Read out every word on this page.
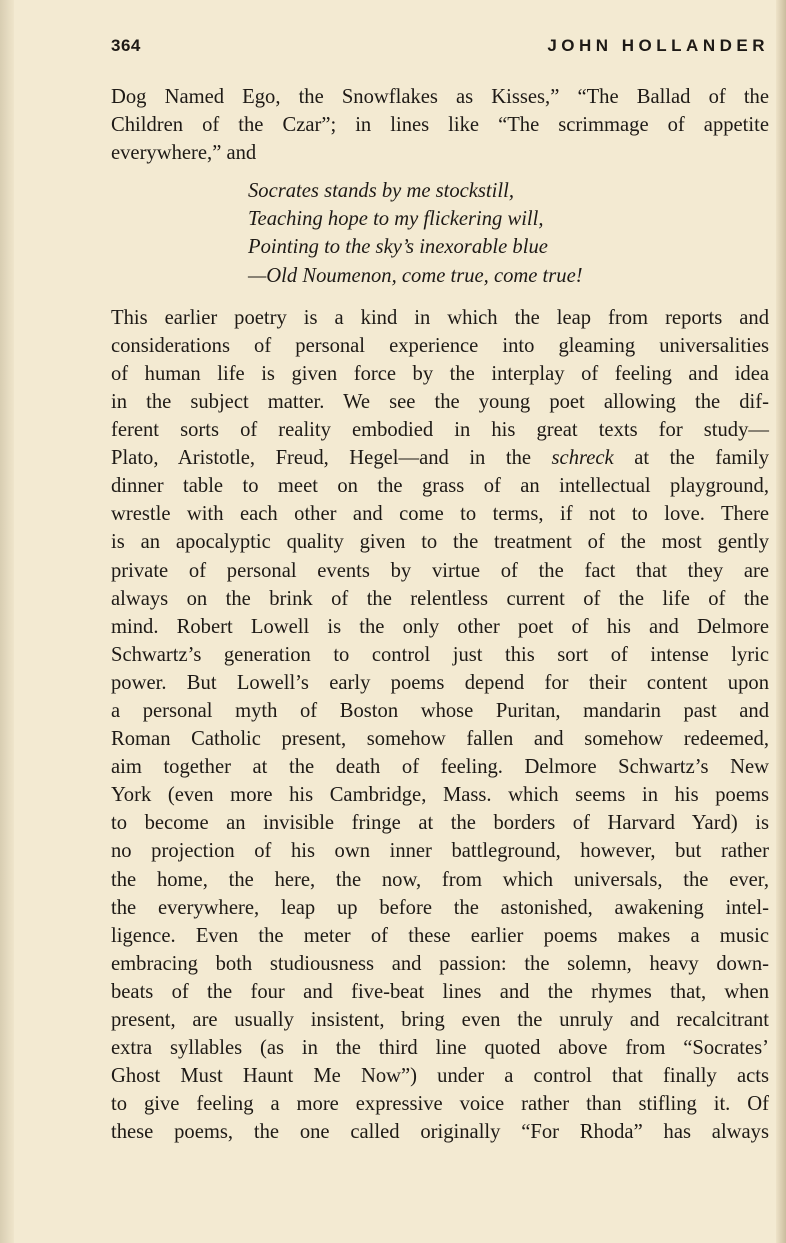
364	JOHN HOLLANDER
Dog Named Ego, the Snowflakes as Kisses,” “The Ballad of the
Children of the Czar”; in lines like “The scrimmage of appetite
everywhere,” and
Socrates stands by me stockstill,
Teaching hope to my flickering will,
Pointing to the sky’s inexorable blue
—Old Noumenon, come true, come true!
This earlier poetry is a kind in which the leap from reports and
considerations of personal experience into gleaming universalities
of human life is given force by the interplay of feeling and idea
in the subject matter. We see the young poet allowing the dif-
ferent sorts of reality embodied in his great texts for study—
Plato, Aristotle, Freud, Hegel—and in the schreck at the family
dinner table to meet on the grass of an intellectual playground,
wrestle with each other and come to terms, if not to love. There
is an apocalyptic quality given to the treatment of the most gently
private of personal events by virtue of the fact that they are
always on the brink of the relentless current of the life of the
mind. Robert Lowell is the only other poet of his and Delmore
Schwartz’s generation to control just this sort of intense lyric
power. But Lowell’s early poems depend for their content upon
a personal myth of Boston whose Puritan, mandarin past and
Roman Catholic present, somehow fallen and somehow redeemed,
aim together at the death of feeling. Delmore Schwartz’s New
York (even more his Cambridge, Mass. which seems in his poems
to become an invisible fringe at the borders of Harvard Yard) is
no projection of his own inner battleground, however, but rather
the home, the here, the now, from which universals, the ever,
the everywhere, leap up before the astonished, awakening intel-
ligence. Even the meter of these earlier poems makes a music
embracing both studiousness and passion: the solemn, heavy down-
beats of the four and five-beat lines and the rhymes that, when
present, are usually insistent, bring even the unruly and recalcitrant
extra syllables (as in the third line quoted above from “Socrates’
Ghost Must Haunt Me Now”) under a control that finally acts
to give feeling a more expressive voice rather than stifling it. Of
these poems, the one called originally “For Rhoda” has always
